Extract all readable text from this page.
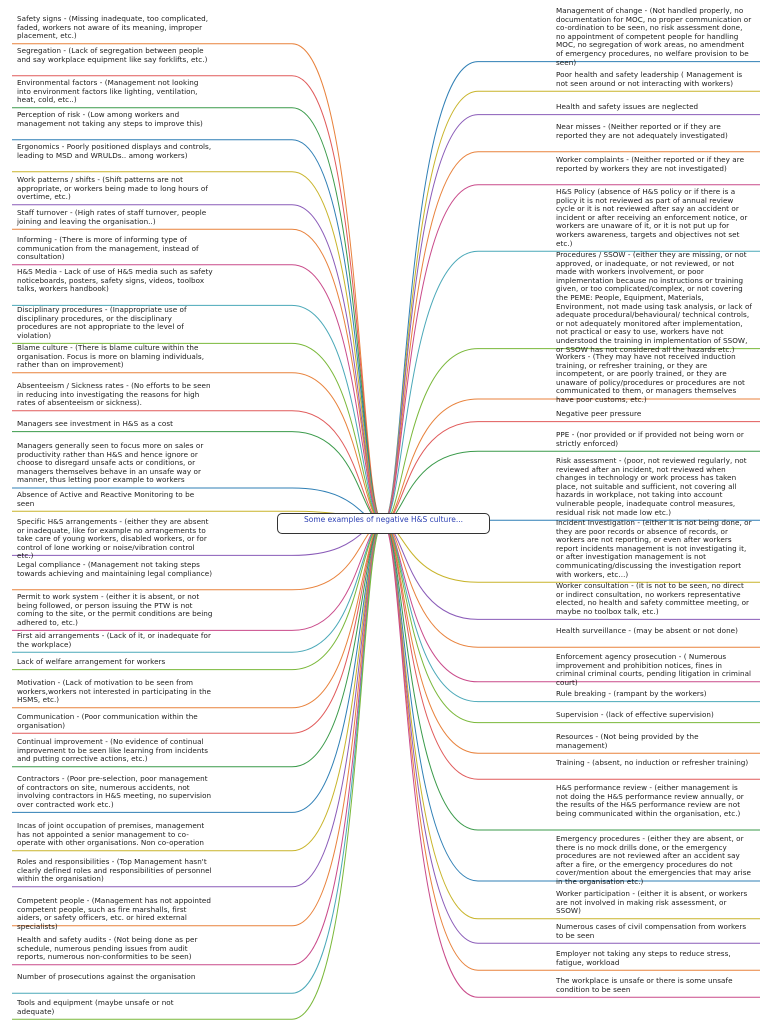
Safety signs - (Missing inadequate, too complicated, faded, workers not aware of its meaning, improper placement, etc.)
Segregation - (Lack of segregation between people and say workplace equipment like say forklifts, etc.)
Environmental factors - (Management not looking into environment factors like lighting, ventilation, heat, cold, etc..)
Perception of risk - (Low among workers and management not taking any steps to improve this)
Ergonomics - Poorly positioned displays and controls, leading to MSD and WRULDs.. among workers)
Work patterns / shifts - (Shift patterns are not appropriate, or workers being made to long hours of overtime, etc.)
Staff turnover - (High rates of staff turnover, people joining and leaving the organisation..)
Informing - (There is more of informing type of communication from the management, instead of consultation)
H&S Media - Lack of use of H&S media such as safety noticeboards, posters, safety signs, videos, toolbox talks, workers handbook)
Disciplinary procedures - (Inappropriate use of disciplinary procedures, or the disciplinary procedures are not appropriate to the level of violation)
Blame culture - (There is blame culture within the organisation. Focus is more on blaming individuals, rather than on improvement)
Absenteeism / Sickness rates - (No efforts to be seen in reducing into investigating the reasons for high rates of absenteeism or sickness).
Managers see investment in H&S as a cost
Managers generally seen to focus more on sales or productivity rather than H&S and hence ignore or choose to disregard unsafe acts or conditions, or managers themselves behave in an unsafe way or manner, thus letting poor example to workers
Absence of Active and Reactive Monitoring to be seen
Specific H&S arrangements - (either they are absent or inadequate, like for example no arrangements to take care of young workers, disabled workers, or for control of lone working or noise/vibration control etc.)
Legal compliance - (Management not taking steps towards achieving and maintaining legal compliance)
Permit to work system - (either it is absent, or not being followed, or person issuing the PTW is not coming to the site, or the permit conditions are being adhered to, etc.)
First aid arrangements - (Lack of it, or inadequate for the workplace)
Lack of welfare arrangement for workers
Motivation - (Lack of motivation to be seen from workers,workers not interested in participating in the HSMS, etc.)
Communication - (Poor communication within the organisation)
Continual improvement - (No evidence of continual improvement to be seen like learning from incidents and putting corrective actions, etc.)
Contractors - (Poor pre-selection, poor management of contractors on site, numerous accidents, not involving contractors in H&S meeting, no supervision over contracted work etc.)
Incas of joint occupation of premises, management has not appointed a senior management to co-operate with other organisations. Non co-operation
Roles and responsibilities - (Top Management hasn't clearly defined roles and responsibilities of personnel within the organisation)
Competent people - (Management has not appointed competent people, such as fire marshalls, first aiders, or safety officers, etc. or hired external specialists)
Health and safety audits - (Not being done as per schedule, numerous pending issues from audit reports, numerous non-conformities to be seen)
Number of prosecutions against the organisation
Tools and equipment (maybe unsafe or not adequate)
Management of change - (Not handled properly, no documentation for MOC, no proper communication or co-ordination to be seen, no risk assessment done, no appointment of competent people for handling MOC, no segregation of work areas, no amendment of emergency procedures, no welfare provision to be seen)
Poor health and safety leadership ( Management is not seen around or not interacting with workers)
Health and safety issues are neglected
Near misses - (Neither reported or if they are reported they are not adequately investigated)
Worker complaints - (Neither reported or if they are reported by workers they are not investigated)
H&S Policy (absence of H&S policy or if there is a policy it is not reviewed as part of annual review cycle or it is not reviewed after say an accident or incident or after receiving an enforcement notice, or workers are unaware of it, or it is not put up for workers awareness, targets and objectives not set etc.)
Procedures / SSOW - (either they are missing, or not approved, or inadequate, or not reviewed, or not made with workers involvement, or poor implementation because no instructions or training given, or too complicated/complex, or not covering the PEME: People, Equipment, Materials, Environment, not made using task analysis, or lack of adequate procedural/behavioural/ technical controls, or not adequately monitored after implementation, not practical or easy to use, workers have not understood the training in implementation of SSOW, or SSOW has not considered all the hazards etc.)
Workers - (They may have not received induction training, or refresher training, or they are incompetent, or are poorly trained, or they are unaware of policy/procedures or procedures are not communicated to them, or managers themselves have poor customs, etc.)
Negative peer pressure
PPE - (nor provided or if provided not being worn or strictly enforced)
Risk assessment - (poor, not reviewed regularly, not reviewed after an incident, not reviewed when changes in technology or work process has taken place, not suitable and sufficient, not covering all hazards in workplace, not taking into account vulnerable people, inadequate control measures, residual risk not made low etc.)
Incident Investigation - (either it is not being done, or they are poor records or absence of records, or workers are not reporting, or even after workers report incidents management is not investigating it, or after investigation management is not communicating/discussing the investigation report with workers, etc...)
Worker consultation - (it is not to be seen, no direct or indirect consultation, no workers representative elected, no health and safety committee meeting, or maybe no toolbox talk, etc.)
Health surveillance - (may be absent or not done)
Enforcement agency prosecution - ( Numerous improvement and prohibition notices, fines in criminal criminal courts, pending litigation in criminal court)
Rule breaking - (rampant by the workers)
Supervision - (lack of effective supervision)
Resources - (Not being provided by the management)
Training - (absent, no induction or refresher training)
H&S performance review - (either management is not doing the H&S performance review annually, or the results of the H&S performance review are not being communicated within the organisation, etc.)
Emergency procedures - (either they are absent, or there is no mock drills done, or the emergency procedures are not reviewed after an accident say after a fire, or the emergency procedures do not cover/mention about the emergencies that may arise in the organisation etc.)
Worker participation - (either it is absent, or workers are not involved in making risk assessment, or SSOW)
Numerous cases of civil compensation from workers to be seen
Employer not taking any steps to reduce stress, fatigue, workload
The workplace is unsafe or there is some unsafe condition to be seen
Some examples of negative H&S culture...
